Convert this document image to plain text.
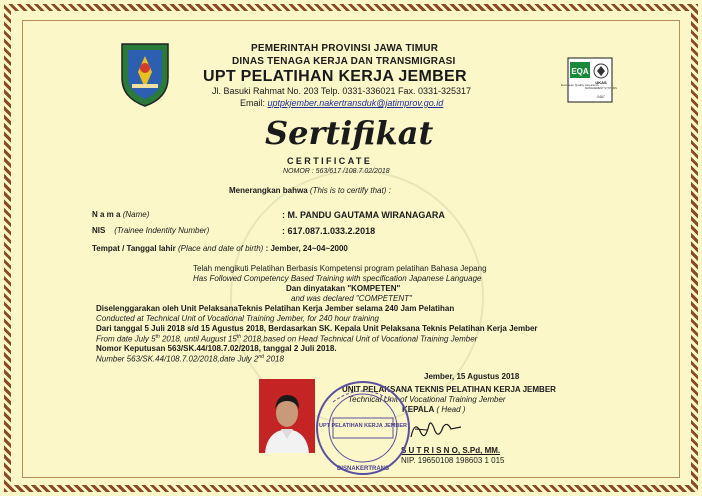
PEMERINTAH PROVINSI JAWA TIMUR
DINAS TENAGA KERJA DAN TRANSMIGRASI
UPT PELATIHAN KERJA JEMBER
Jl. Basuki Rahmat No. 203 Telp. 0331-336021 Fax. 0331-325317
Email: uptpkjember.nakertransduk@jatimprov.go.id
EQA
European Quality Assurance
UKAS
MANAGEMENT SYSTEMS
0467
Sertifikat
CERTIFICATE
NOMOR : 563/617 /108.7.02/2018
Menerangkan bahwa (This is to certify that) :
N a m a (Name)	: M. PANDU GAUTAMA WIRANAGARA
NIS (Trainee Indentity Number)	: 617.087.1.033.2.2018
Tempat / Tanggal lahir (Place and date of birth) : Jember, 24~04~2000
Telah mengikuti Pelatihan Berbasis Kompetensi program pelatihan Bahasa Jepang
Has Followed Competency Based Training with specification Japanese Language
Dan dinyatakan "KOMPETEN"
and was declared "COMPETENT"
Diselenggarakan oleh Unit PelaksanaTeknis Pelatihan Kerja Jember selama 240 Jam Pelatihan
Conducted at Technical Unit of Vocational Training Jember, for 240 hour training
Dari tanggal 5 Juli 2018 s/d 15 Agustus 2018, Berdasarkan SK. Kepala Unit Pelaksana Teknis Pelatihan Kerja Jember
From date July 5th 2018, until August 15th 2018,based on Head Technical Unit of Vocational Training Jember
Nomor Keputusan 563/SK.44/108.7.02/2018, tanggal 2 Juli 2018.
Number 563/SK.44/108.7.02/2018,date July 2nd 2018
Jember, 15 Agustus 2018
UNIT PELAKSANA TEKNIS PELATIHAN KERJA JEMBER
Technical Unit of Vocational Training Jember
KEPALA ( Head )
S U T R I S N O, S.Pd, MM.
NIP. 19650108 198603 1 015
UPT PELATIHAN KERJA JEMBER
DISNAKERTRANS
